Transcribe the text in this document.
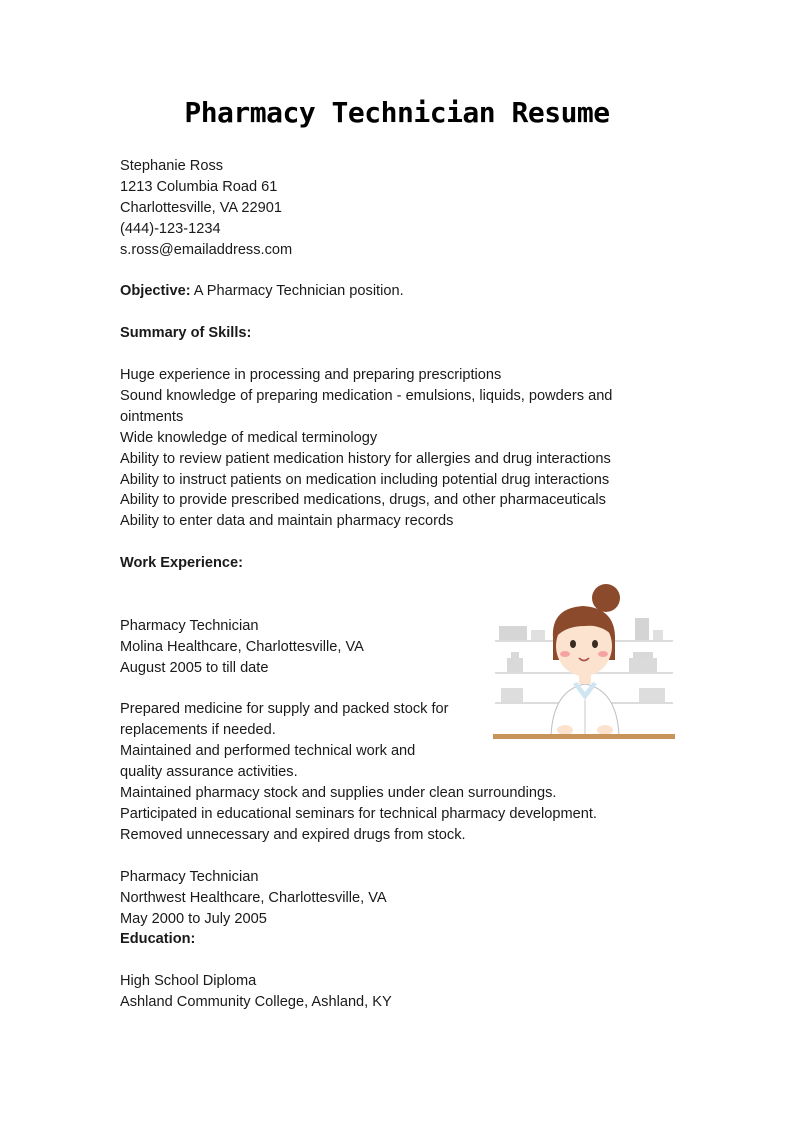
Pharmacy Technician Resume
Stephanie Ross
1213 Columbia Road 61
Charlottesville, VA 22901
(444)-123-1234
s.ross@emailaddress.com
Objective: A Pharmacy Technician position.
Summary of Skills:
Huge experience in processing and preparing prescriptions
Sound knowledge of preparing medication - emulsions, liquids, powders and ointments
Wide knowledge of medical terminology
Ability to review patient medication history for allergies and drug interactions
Ability to instruct patients on medication including potential drug interactions
Ability to provide prescribed medications, drugs, and other pharmaceuticals
Ability to enter data and maintain pharmacy records
Work Experience:
Pharmacy Technician
Molina Healthcare, Charlottesville, VA
August 2005 to till date
Prepared medicine for supply and packed stock for replacements if needed.
Maintained and performed technical work and quality assurance activities.
Maintained pharmacy stock and supplies under clean surroundings.
Participated in educational seminars for technical pharmacy development.
Removed unnecessary and expired drugs from stock.
Pharmacy Technician
Northwest Healthcare, Charlottesville, VA
May 2000 to July 2005
Education:
High School Diploma
Ashland Community College, Ashland, KY
